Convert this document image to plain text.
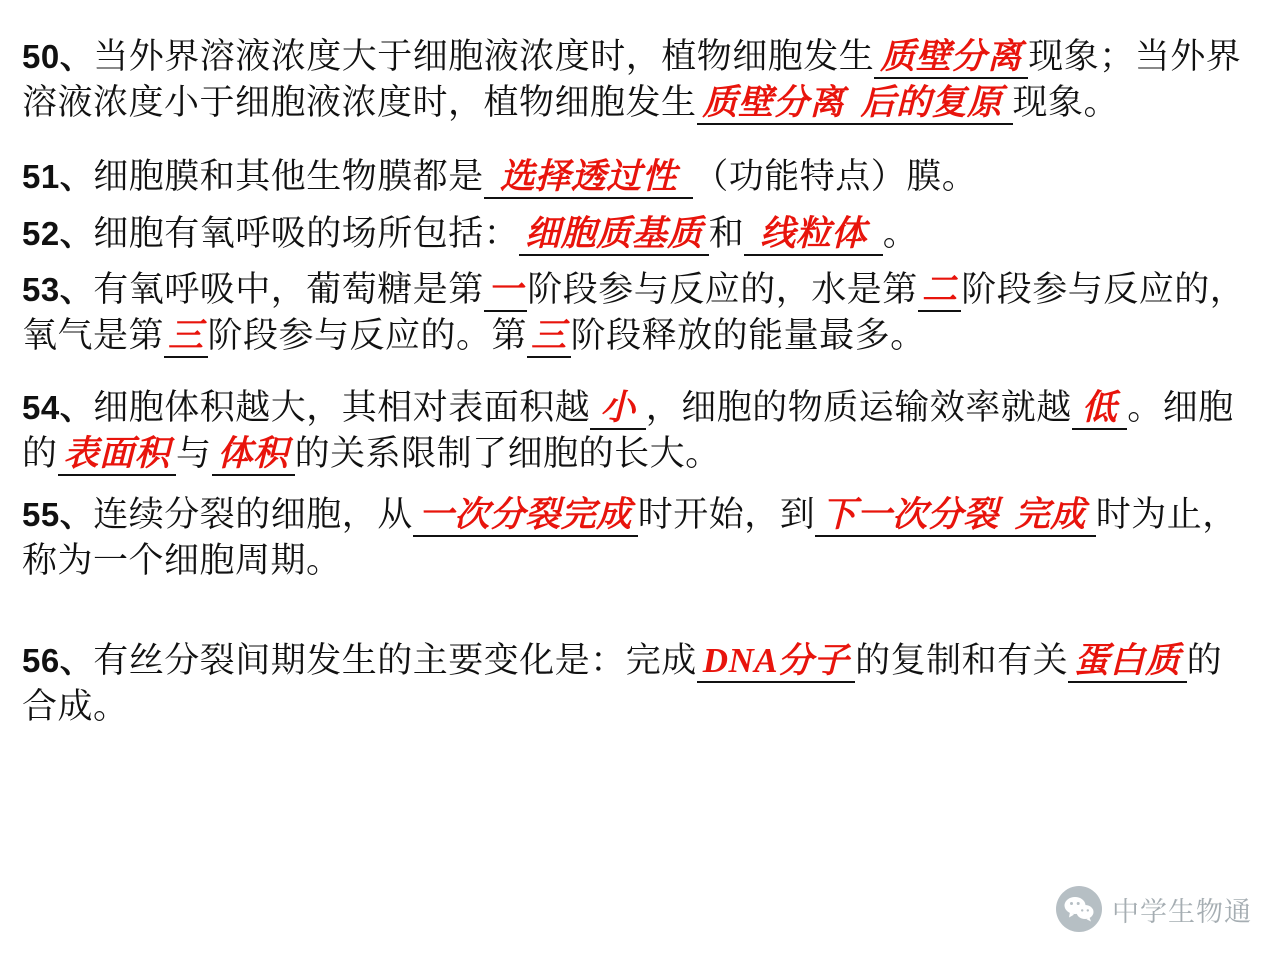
50、当外界溶液浓度大于细胞液浓度时，植物细胞发生 质壁分离 现象；当外界溶液浓度小于细胞液浓度时，植物细胞发生 质壁分离 后的复原 现象。

51、细胞膜和其他生物膜都是 选择透过性 （功能特点）膜。

52、细胞有氧呼吸的场所包括： 细胞质基质 和 线粒体 。

53、有氧呼吸中，葡萄糖是第 一 阶段参与反应的，水是第 二 阶段参与反应的，氧气是第 三 阶段参与反应的。第 三 阶段释放的能量最多。

54、细胞体积越大，其相对表面积越 小 ，细胞的物质运输效率就越 低 。细胞的 表面积 与 体积 的关系限制了细胞的长大。

55、连续分裂的细胞，从 一次分裂完成 时开始，到 下一次分裂 完成 时为止，称为一个细胞周期。

56、有丝分裂间期发生的主要变化是：完成 DNA分子 的复制和有关 蛋白质 的合成。

中学生物通
